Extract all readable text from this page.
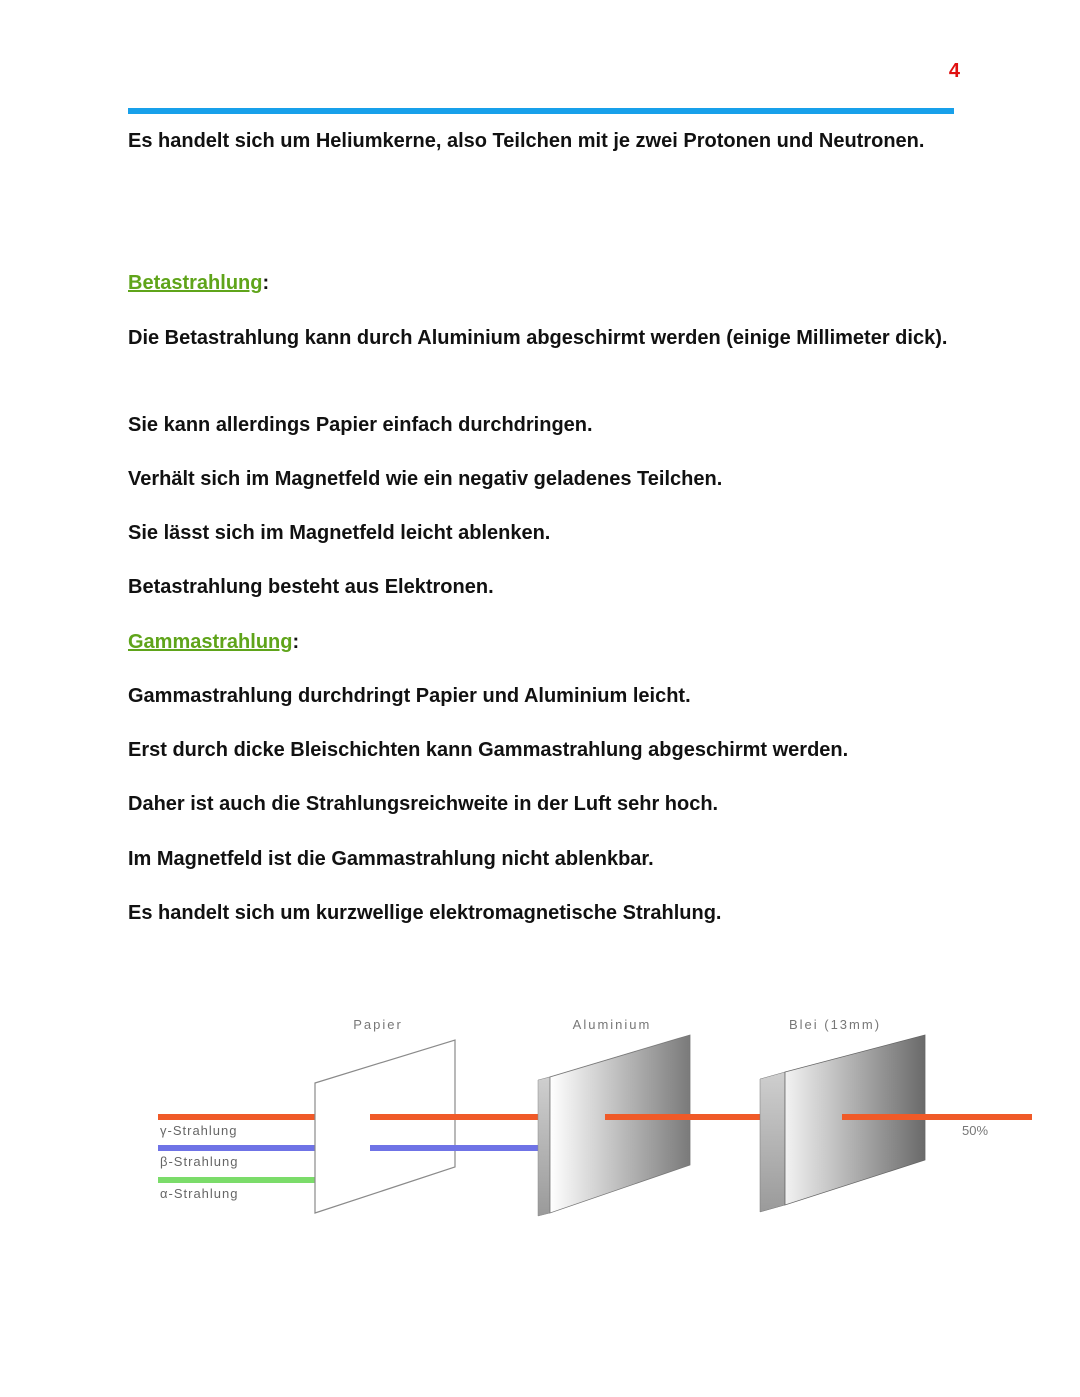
4

Es handelt sich um Heliumkerne, also Teilchen mit je zwei Protonen und Neutronen.

Betastrahlung:

Die Betastrahlung kann durch Aluminium abgeschirmt werden (einige Millimeter dick).

Sie kann allerdings Papier einfach durchdringen.

Verhält sich im Magnetfeld wie ein negativ geladenes Teilchen.

Sie lässt sich im Magnetfeld leicht ablenken.

Betastrahlung besteht aus Elektronen.

Gammastrahlung:

Gammastrahlung durchdringt Papier und Aluminium leicht.

Erst durch dicke Bleischichten kann Gammastrahlung abgeschirmt werden.

Daher ist auch die Strahlungsreichweite in der Luft sehr hoch.

Im Magnetfeld ist die Gammastrahlung nicht ablenkbar.

Es handelt sich um kurzwellige elektromagnetische Strahlung.

Papier	Aluminium	Blei (13mm)
γ-Strahlung
β-Strahlung
α-Strahlung
50%
